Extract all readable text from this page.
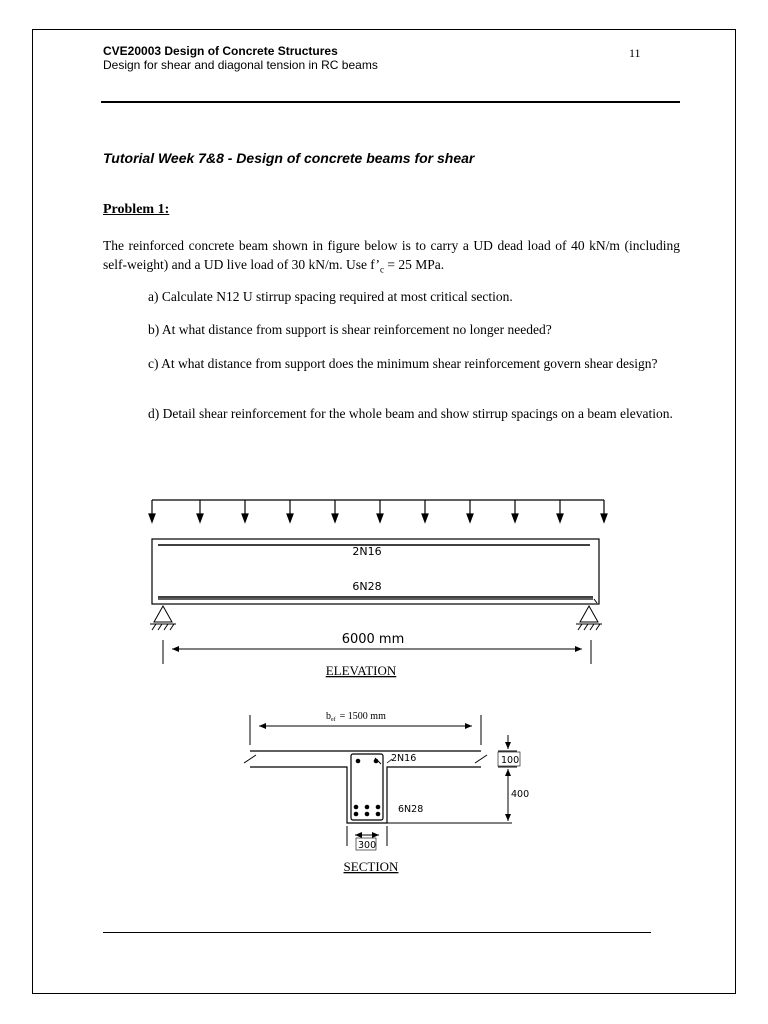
CVE20003 Design of Concrete Structures
Design for shear and diagonal tension in RC beams
11
Tutorial Week 7&8 - Design of concrete beams for shear
Problem 1:
The reinforced concrete beam shown in figure below is to carry a UD dead load of 40 kN/m (including self-weight) and a UD live load of 30 kN/m. Use $f’_c = 25$ MPa.
a) Calculate N12 U stirrup spacing required at most critical section.
b) At what distance from support is shear reinforcement no longer needed?
c) At what distance from support does the minimum shear reinforcement govern shear design?
d) Detail shear reinforcement for the whole beam and show stirrup spacings on a beam elevation.
2N16
6N28
6000 mm
ELEVATION
$b_{ef} = 1500$ mm
2N16
6N28
100
400
300
SECTION
